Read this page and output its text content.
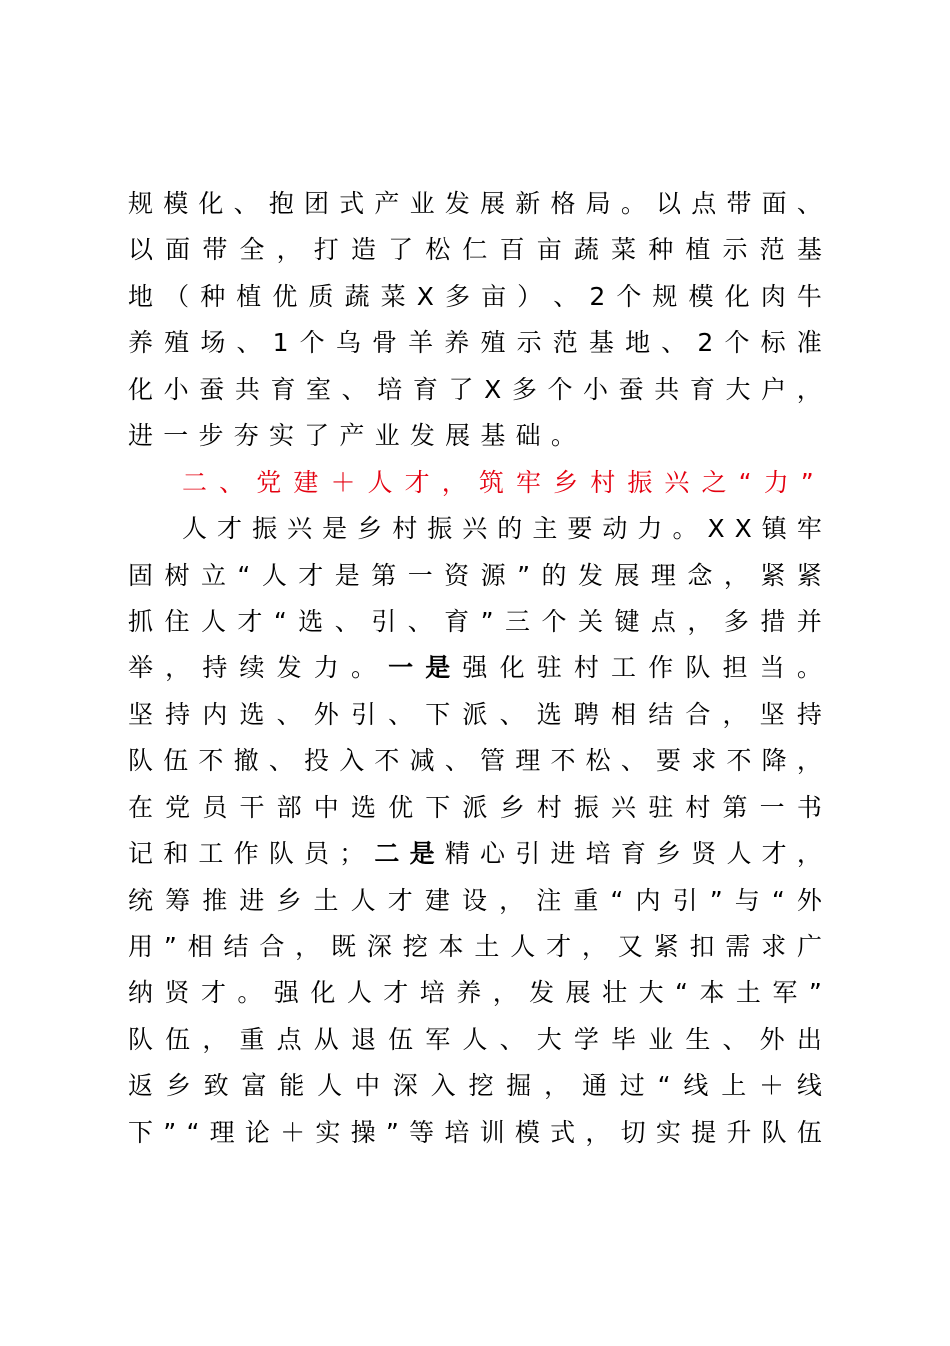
规 模 化 、 抱 团 式 产 业 发 展 新 格 局 。 以 点 带 面 、
以 面 带 全 ， 打 造 了 松 仁 百 亩 蔬 菜 种 植 示 范 基
地 （ 种 植 优 质 蔬 菜 X 多 亩 ） 、 2 个 规 模 化 肉 牛
养 殖 场 、 1 个 乌 骨 羊 养 殖 示 范 基 地 、 2 个 标 准
化 小 蚕 共 育 室 、 培 育 了 X 多 个 小 蚕 共 育 大 户 ，
进 一 步 夯 实 了 产 业 发 展 基 础 。
二 、 党 建 ＋ 人 才 ， 筑 牢 乡 村 振 兴 之 “ 力 ”
人 才 振 兴 是 乡 村 振 兴 的 主 要 动 力 。 X X 镇 牢
固 树 立 “ 人 才 是 第 一 资 源 ” 的 发 展 理 念 ， 紧 紧
抓 住 人 才 “ 选 、 引 、 育 ” 三 个 关 键 点 ， 多 措 并
举 ， 持 续 发 力 。 一 是 强 化 驻 村 工 作 队 担 当 。
坚 持 内 选 、 外 引 、 下 派 、 选 聘 相 结 合 ， 坚 持
队 伍 不 撤 、 投 入 不 减 、 管 理 不 松 、 要 求 不 降 ，
在 党 员 干 部 中 选 优 下 派 乡 村 振 兴 驻 村 第 一 书
记 和 工 作 队 员 ； 二 是 精 心 引 进 培 育 乡 贤 人 才 ，
统 筹 推 进 乡 土 人 才 建 设 ， 注 重 “ 内 引 ” 与 “ 外
用 ” 相 结 合 ， 既 深 挖 本 土 人 才 ， 又 紧 扣 需 求 广
纳 贤 才 。 强 化 人 才 培 养 ， 发 展 壮 大 “ 本 土 军 ”
队 伍 ， 重 点 从 退 伍 军 人 、 大 学 毕 业 生 、 外 出
返 乡 致 富 能 人 中 深 入 挖 掘 ， 通 过 “ 线 上 ＋ 线
下 ” “ 理 论 ＋ 实 操 ” 等 培 训 模 式 ， 切 实 提 升 队 伍
